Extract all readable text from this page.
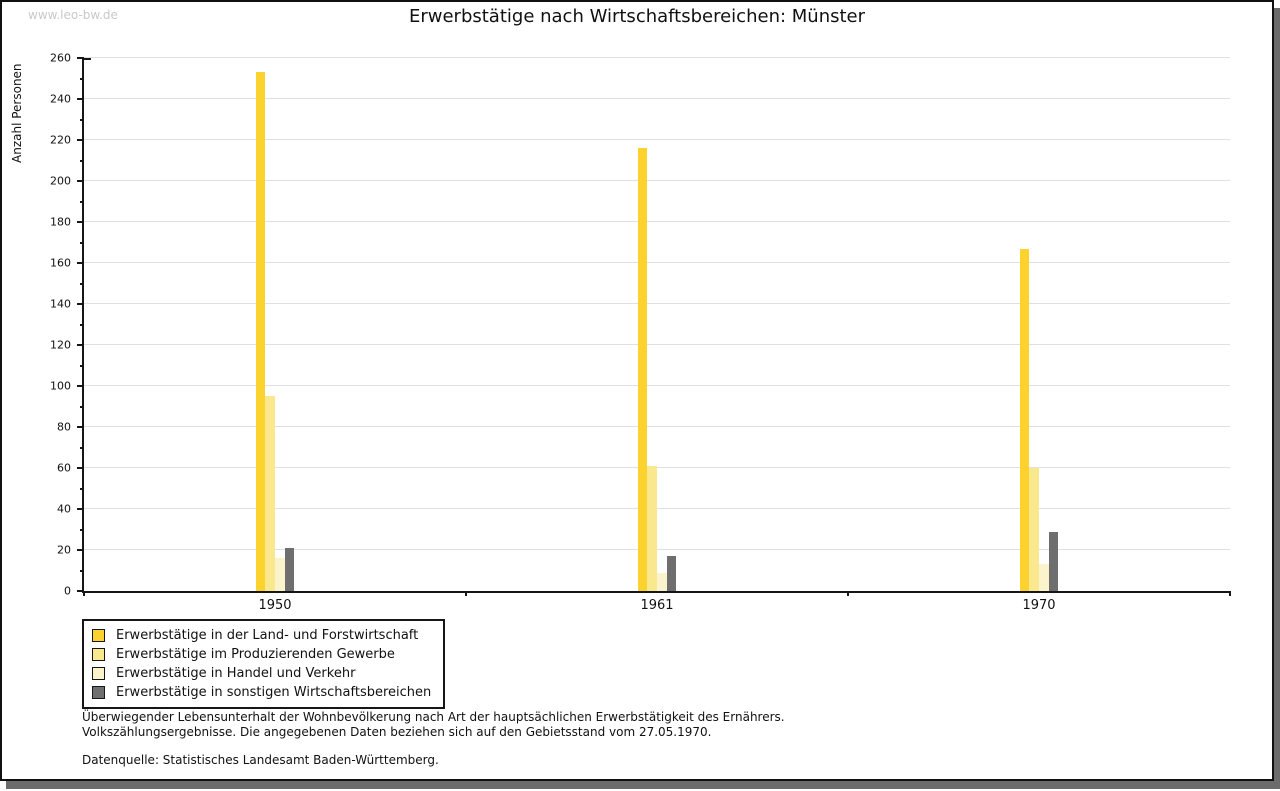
www.leo-bw.de	Erwerbstätige nach Wirtschaftsbereichen: Münster
Anzahl Personen
0
20
40
60
80
100
120
140
160
180
200
220
240
260
1950	1961	1970
Erwerbstätige in der Land- und Forstwirtschaft
Erwerbstätige im Produzierenden Gewerbe
Erwerbstätige in Handel und Verkehr
Erwerbstätige in sonstigen Wirtschaftsbereichen
Überwiegender Lebensunterhalt der Wohnbevölkerung nach Art der hauptsächlichen Erwerbstätigkeit des Ernährers.
Volkszählungsergebnisse. Die angegebenen Daten beziehen sich auf den Gebietsstand vom 27.05.1970.
Datenquelle: Statistisches Landesamt Baden-Württemberg.
